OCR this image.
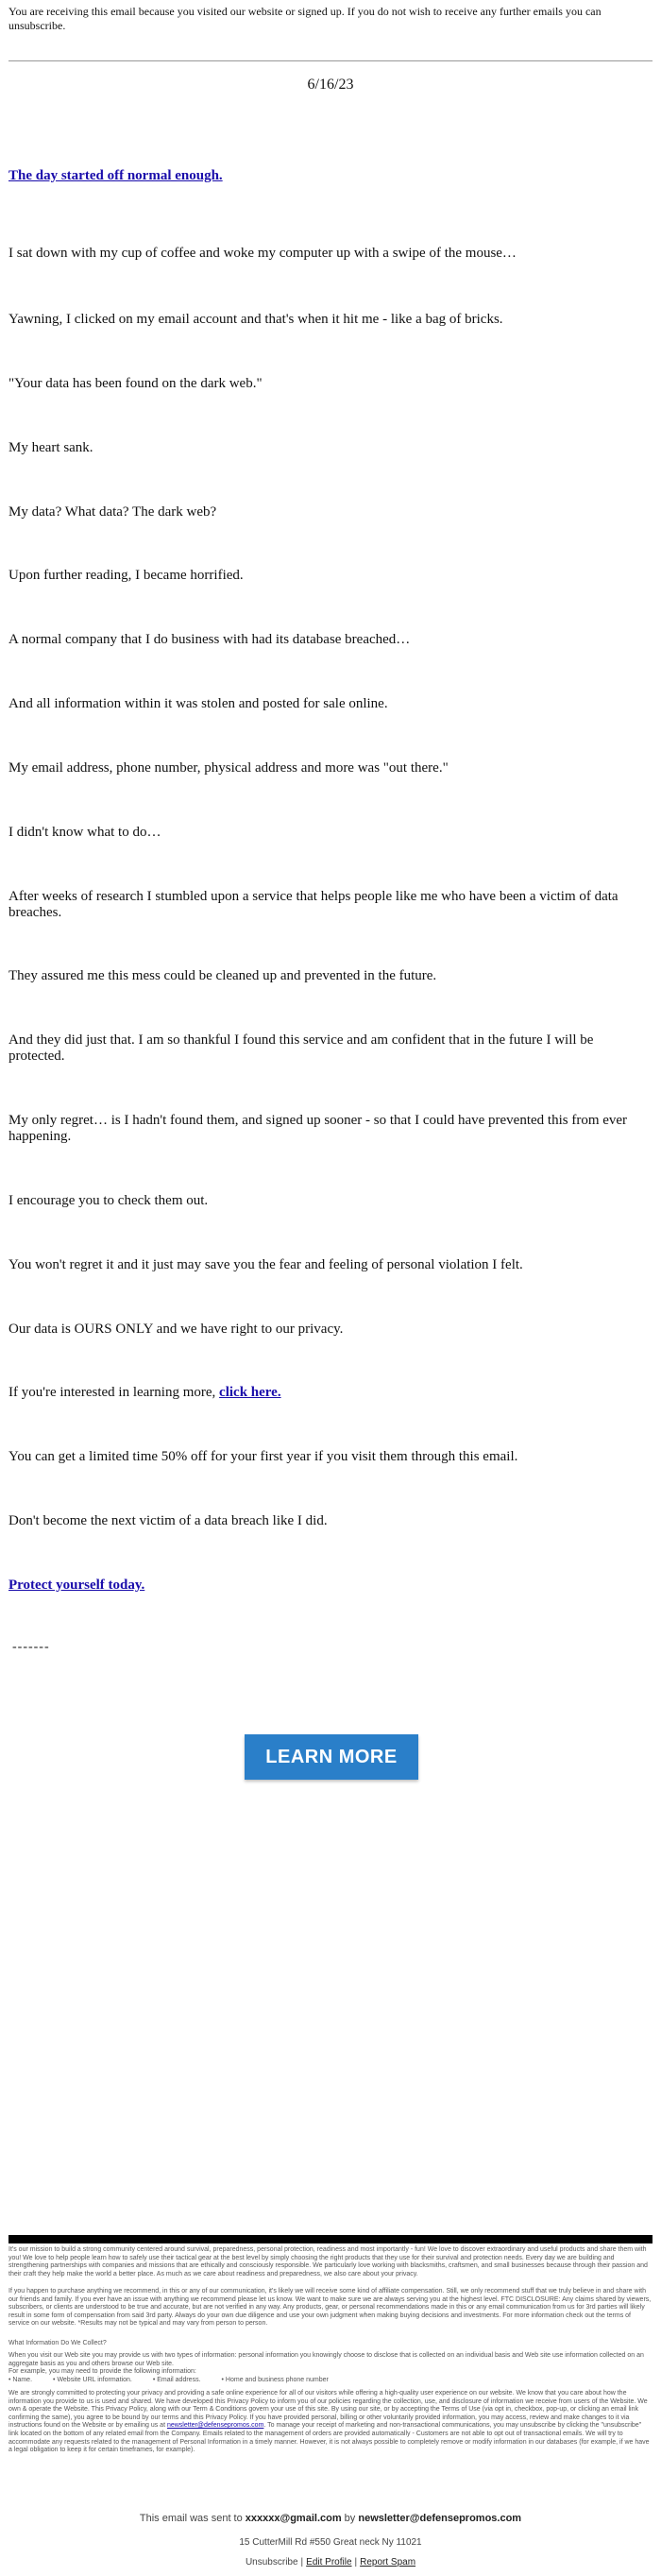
You are receiving this email because you visited our website or signed up. If you do not wish to receive any further emails you can unsubscribe.

6/16/23

The day started off normal enough.

I sat down with my cup of coffee and woke my computer up with a swipe of the mouse…

Yawning, I clicked on my email account and that's when it hit me - like a bag of bricks.

"Your data has been found on the dark web."

My heart sank.

My data? What data? The dark web?

Upon further reading, I became horrified.

A normal company that I do business with had its database breached…

And all information within it was stolen and posted for sale online.

My email address, phone number, physical address and more was "out there."

I didn't know what to do…

After weeks of research I stumbled upon a service that helps people like me who have been a victim of data breaches.

They assured me this mess could be cleaned up and prevented in the future.

And they did just that. I am so thankful I found this service and am confident that in the future I will be protected.

My only regret… is I hadn't found them, and signed up sooner - so that I could have prevented this from ever happening.

I encourage you to check them out.

You won't regret it and it just may save you the fear and feeling of personal violation I felt.

Our data is OURS ONLY and we have right to our privacy.

If you're interested in learning more, click here.

You can get a limited time 50% off for your first year if you visit them through this email.

Don't become the next victim of a data breach like I did.

Protect yourself today.

-------
LEARN MORE

It's our mission to build a strong community centered around survival, preparedness, personal protection, readiness and most importantly - fun! We love to discover extraordinary and useful products and share them with you! We love to help people learn how to safely use their tactical gear at the best level by simply choosing the right products that they use for their survival and protection needs. Every day we are building and strengthening partnerships with companies and missions that are ethically and consciously responsible. We particularly love working with blacksmiths, craftsmen, and small businesses because through their passion and their craft they help make the world a better place. As much as we care about readiness and preparedness, we also care about your privacy.

If you happen to purchase anything we recommend, in this or any of our communication, it's likely we will receive some kind of affiliate compensation. Still, we only recommend stuff that we truly believe in and share with our friends and family. If you ever have an issue with anything we recommend please let us know. We want to make sure we are always serving you at the highest level. FTC DISCLOSURE: Any claims shared by viewers, subscribers, or clients are understood to be true and accurate, but are not verified in any way. Any products, gear, or personal recommendations made in this or any email communication from us for 3rd parties will likely result in some form of compensation from said 3rd party. Always do your own due diligence and use your own judgment when making buying decisions and investments. For more information check out the terms of service on our website. *Results may not be typical and may vary from person to person.

What Information Do We Collect?

When you visit our Web site you may provide us with two types of information: personal information you knowingly choose to disclose that is collected on an individual basis and Web site use information collected on an aggregate basis as you and others browse our Web site.

For example, you may need to provide the following information:

• Name.	• Website URL information.	• Email address.	• Home and business phone number

We are strongly committed to protecting your privacy and providing a safe online experience for all of our visitors while offering a high-quality user experience on our website. We know that you care about how the information you provide to us is used and shared. We have developed this Privacy Policy to inform you of our policies regarding the collection, use, and disclosure of information we receive from users of the Website. We own & operate the Website. This Privacy Policy, along with our Term & Conditions govern your use of this site. By using our site, or by accepting the Terms of Use (via opt in, checkbox, pop-up, or clicking an email link confirming the same), you agree to be bound by our terms and this Privacy Policy. If you have provided personal, billing or other voluntarily provided information, you may access, review and make changes to it via instructions found on the Website or by emailing us at newsletter@defensepromos.com. To manage your receipt of marketing and non-transactional communications, you may unsubscribe by clicking the "unsubscribe" link located on the bottom of any related email from the Company. Emails related to the management of orders are provided automatically - Customers are not able to opt out of transactional emails. We will try to accommodate any requests related to the management of Personal Information in a timely manner. However, it is not always possible to completely remove or modify information in our databases (for example, if we have a legal obligation to keep it for certain timeframes, for example).

This email was sent to xxxxxx@gmail.com by newsletter@defensepromos.com
15 CutterMill Rd #550 Great neck Ny 11021
Unsubscribe | Edit Profile | Report Spam
